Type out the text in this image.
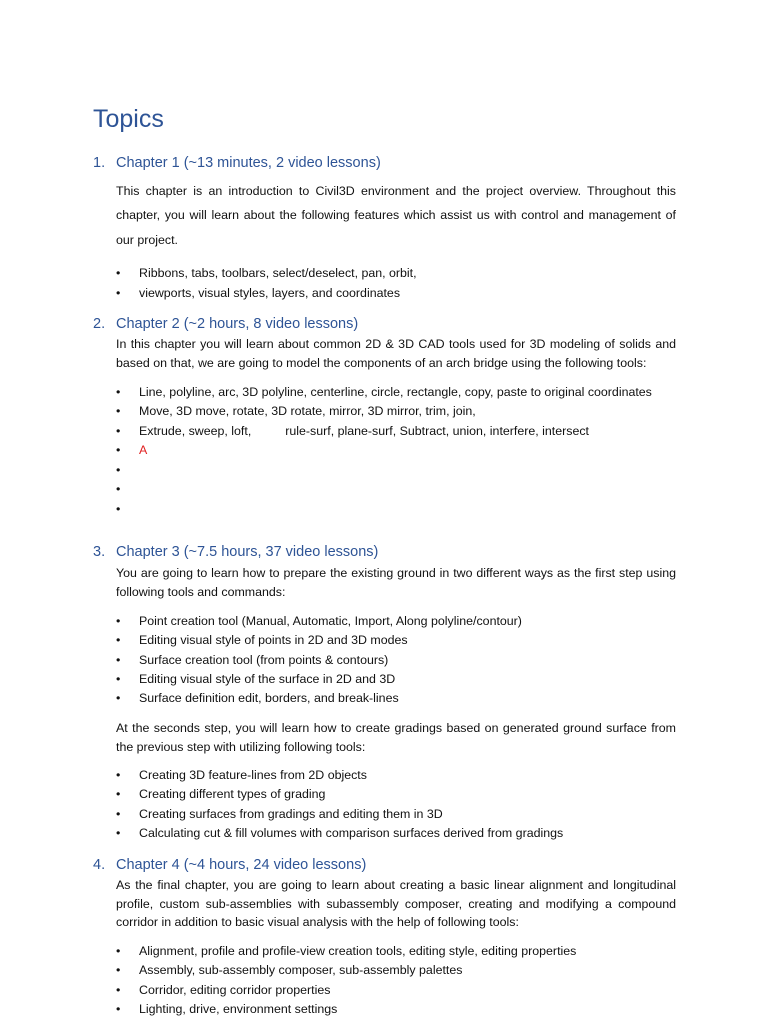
Topics
1. Chapter 1 (~13 minutes, 2 video lessons)

This chapter is an introduction to Civil3D environment and the project overview. Throughout this chapter, you will learn about the following features which assist us with control and management of our project.

Ribbons, tabs, toolbars, select/deselect, pan, orbit,
viewports, visual styles, layers, and coordinates
2. Chapter 2 (~2 hours, 8 video lessons)

In this chapter you will learn about common 2D & 3D CAD tools used for 3D modeling of solids and based on that, we are going to model the components of an arch bridge using the following tools:

Line, polyline, arc, 3D polyline, centerline, circle, rectangle, copy, paste to original coordinates
Move, 3D move, rotate, 3D rotate, mirror, 3D mirror, trim, join,
Extrude, sweep, loft,	rule-surf, plane-surf, Subtract, union, interfere, intersect
A
3. Chapter 3 (~7.5 hours, 37 video lessons)

You are going to learn how to prepare the existing ground in two different ways as the first step using following tools and commands:

Point creation tool (Manual, Automatic, Import, Along polyline/contour)
Editing visual style of points in 2D and 3D modes
Surface creation tool (from points & contours)
Editing visual style of the surface in 2D and 3D
Surface definition edit, borders, and break-lines

At the seconds step, you will learn how to create gradings based on generated ground surface from the previous step with utilizing following tools:

Creating 3D feature-lines from 2D objects
Creating different types of grading
Creating surfaces from gradings and editing them in 3D
Calculating cut & fill volumes with comparison surfaces derived from gradings
4. Chapter 4 (~4 hours, 24 video lessons)

As the final chapter, you are going to learn about creating a basic linear alignment and longitudinal profile, custom sub-assemblies with subassembly composer, creating and modifying a compound corridor in addition to basic visual analysis with the help of following tools:

Alignment, profile and profile-view creation tools, editing style, editing properties
Assembly, sub-assembly composer, sub-assembly palettes
Corridor, editing corridor properties
Lighting, drive, environment settings
